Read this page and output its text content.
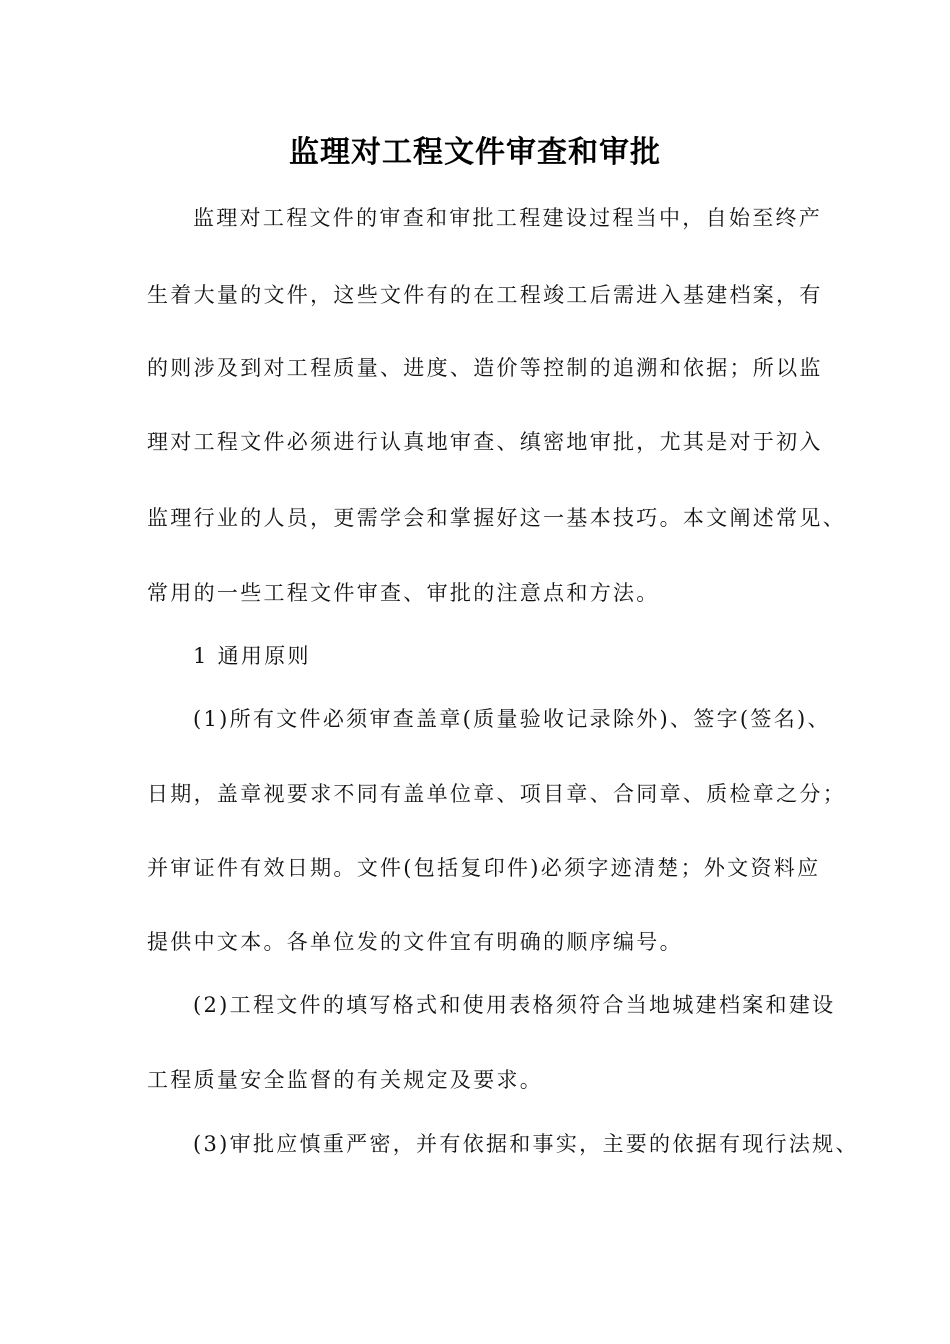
监理对工程文件审查和审批
监理对工程文件的审查和审批工程建设过程当中，自始至终产
生着大量的文件，这些文件有的在工程竣工后需进入基建档案，有
的则涉及到对工程质量、进度、造价等控制的追溯和依据；所以监
理对工程文件必须进行认真地审查、缜密地审批，尤其是对于初入
监理行业的人员，更需学会和掌握好这一基本技巧。本文阐述常见、
常用的一些工程文件审查、审批的注意点和方法。
1 通用原则
(1)所有文件必须审查盖章(质量验收记录除外)、签字(签名)、
日期，盖章视要求不同有盖单位章、项目章、合同章、质检章之分；
并审证件有效日期。文件(包括复印件)必须字迹清楚；外文资料应
提供中文本。各单位发的文件宜有明确的顺序编号。
(2)工程文件的填写格式和使用表格须符合当地城建档案和建设
工程质量安全监督的有关规定及要求。
(3)审批应慎重严密，并有依据和事实，主要的依据有现行法规、
